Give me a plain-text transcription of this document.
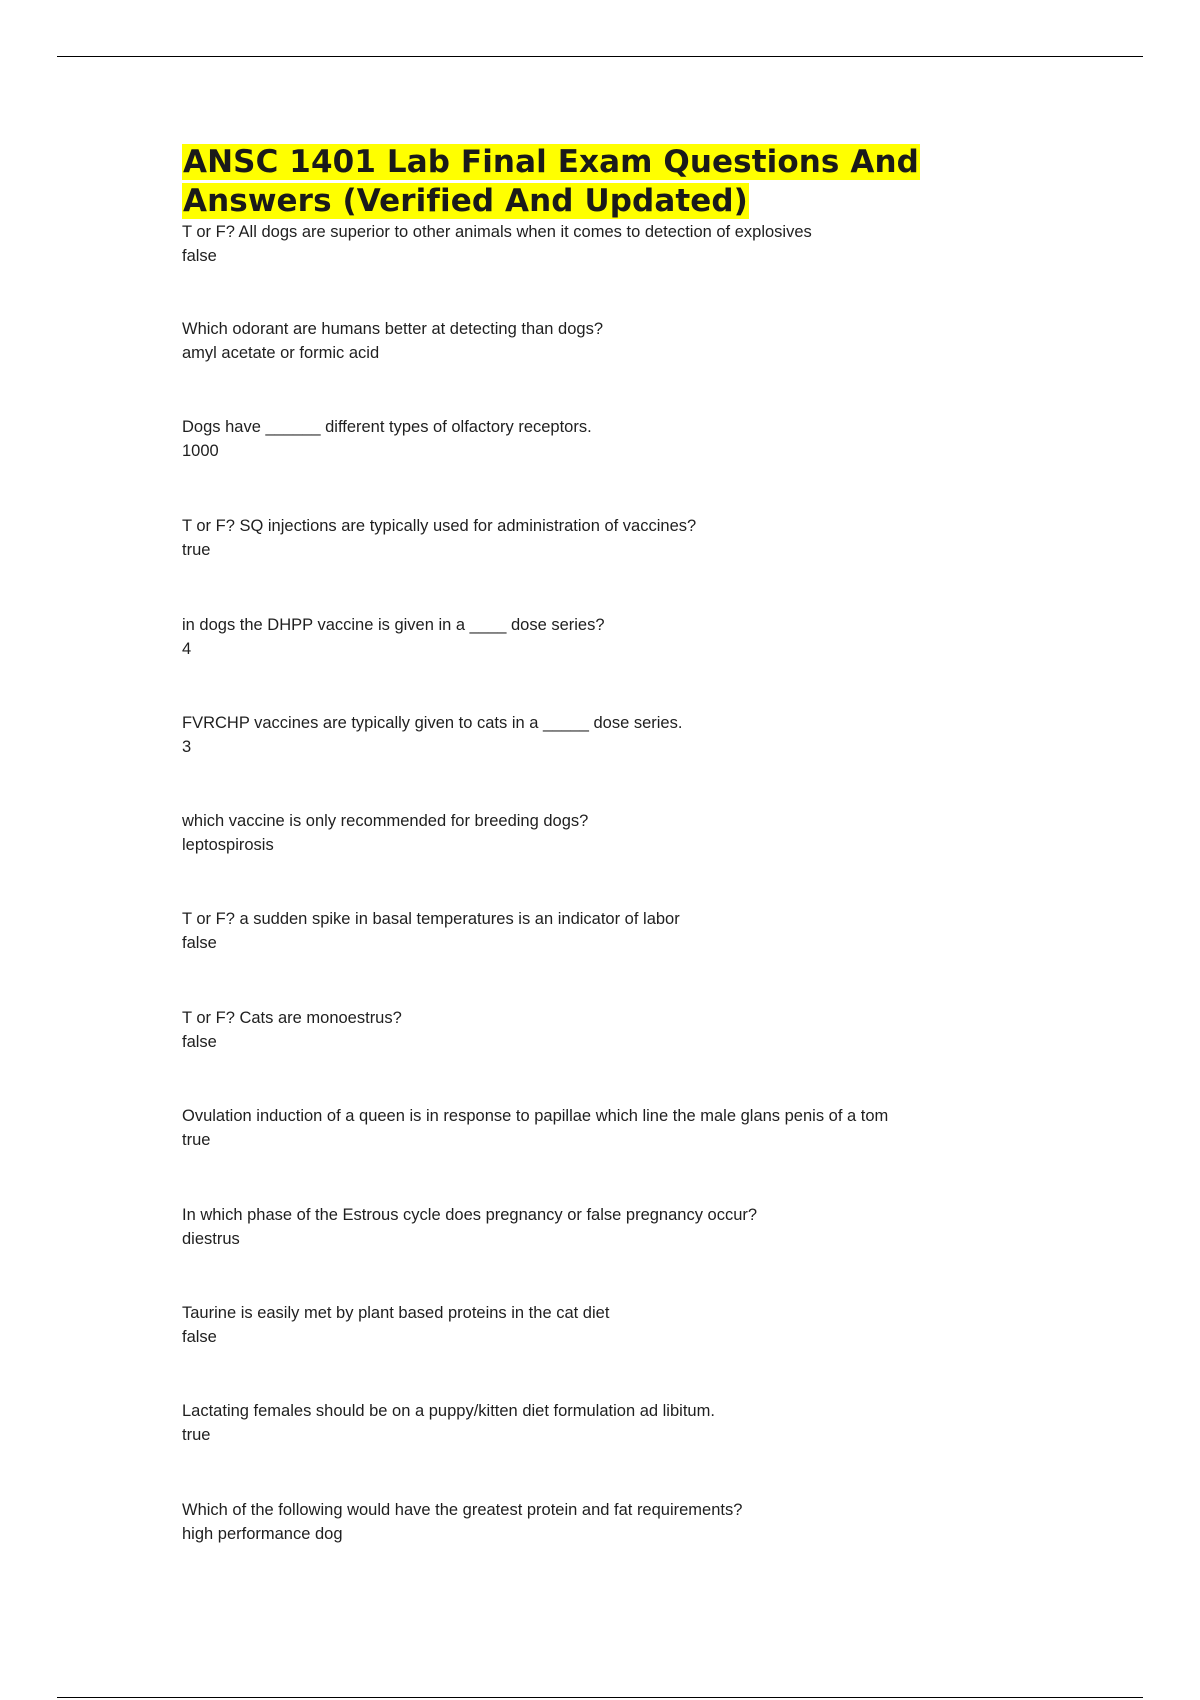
ANSC 1401 Lab Final Exam Questions And Answers (Verified And Updated)
T or F? All dogs are superior to other animals when it comes to detection of explosives
false
Which odorant are humans better at detecting than dogs?
amyl acetate or formic acid
Dogs have ______ different types of olfactory receptors.
1000
T or F? SQ injections are typically used for administration of vaccines?
true
in dogs the DHPP vaccine is given in a ____ dose series?
4
FVRCHP vaccines are typically given to cats in a _____ dose series.
3
which vaccine is only recommended for breeding dogs?
leptospirosis
T or F? a sudden spike in basal temperatures is an indicator of labor
false
T or F? Cats are monoestrus?
false
Ovulation induction of a queen is in response to papillae which line the male glans penis of a tom
true
In which phase of the Estrous cycle does pregnancy or false pregnancy occur?
diestrus
Taurine is easily met by plant based proteins in the cat diet
false
Lactating females should be on a puppy/kitten diet formulation ad libitum.
true
Which of the following would have the greatest protein and fat requirements?
high performance dog
